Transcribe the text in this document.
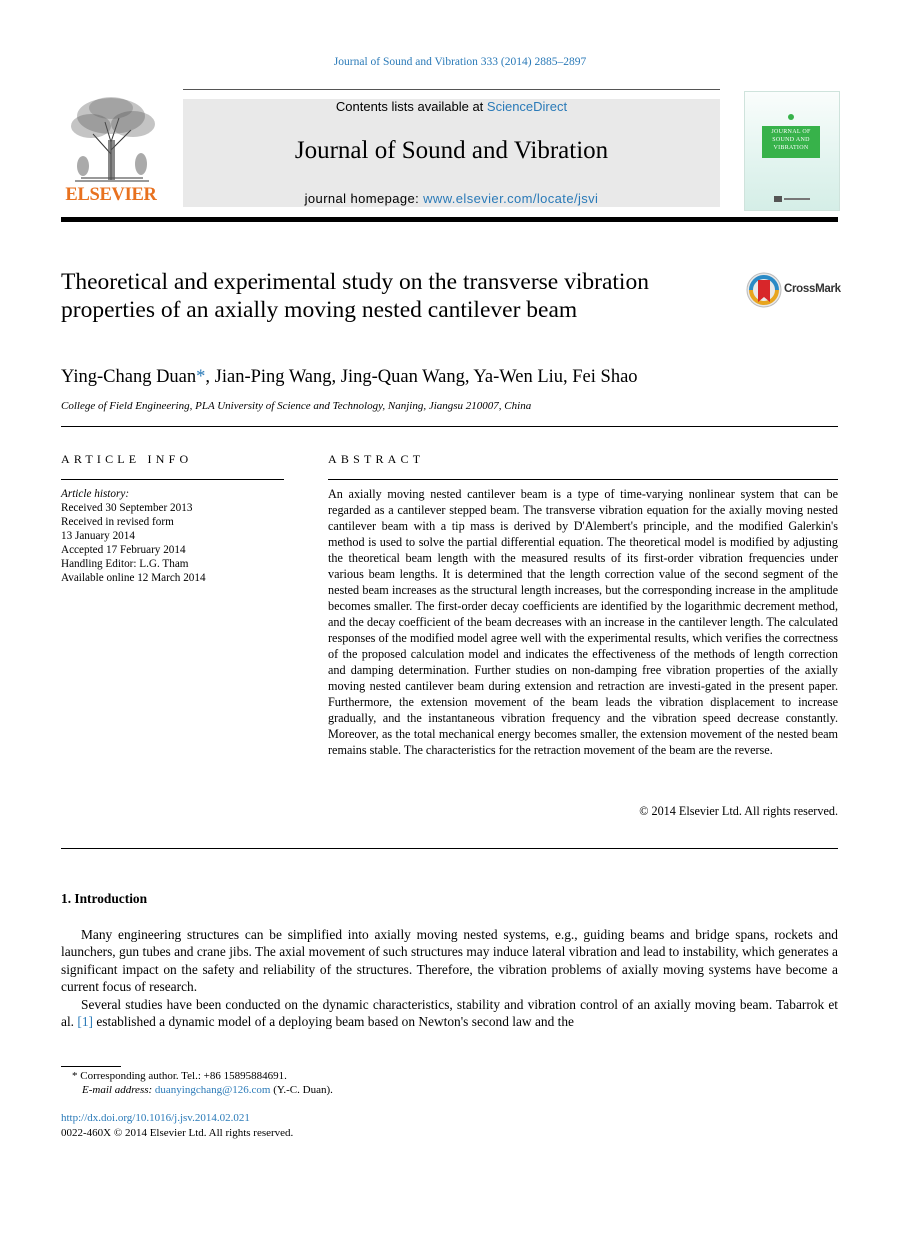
Journal of Sound and Vibration 333 (2014) 2885–2897
ELSEVIER
Contents lists available at ScienceDirect
Journal of Sound and Vibration
journal homepage: www.elsevier.com/locate/jsvi
JOURNAL OF SOUND AND VIBRATION
Theoretical and experimental study on the transverse vibration properties of an axially moving nested cantilever beam
CrossMark
Ying-Chang Duan*, Jian-Ping Wang, Jing-Quan Wang, Ya-Wen Liu, Fei Shao
College of Field Engineering, PLA University of Science and Technology, Nanjing, Jiangsu 210007, China
ARTICLE INFO
Article history:
Received 30 September 2013
Received in revised form
13 January 2014
Accepted 17 February 2014
Handling Editor: L.G. Tham
Available online 12 March 2014
ABSTRACT
An axially moving nested cantilever beam is a type of time-varying nonlinear system that can be regarded as a cantilever stepped beam. The transverse vibration equation for the axially moving nested cantilever beam with a tip mass is derived by D'Alembert's principle, and the modified Galerkin's method is used to solve the partial differential equation. The theoretical model is modified by adjusting the theoretical beam length with the measured results of its first-order vibration frequencies under various beam lengths. It is determined that the length correction value of the second segment of the nested beam increases as the structural length increases, but the corresponding increase in the amplitude becomes smaller. The first-order decay coefficients are identified by the logarithmic decrement method, and the decay coefficient of the beam decreases with an increase in the cantilever length. The calculated responses of the modified model agree well with the experimental results, which verifies the correctness of the proposed calculation model and indicates the effectiveness of the methods of length correction and damping determination. Further studies on non-damping free vibration properties of the axially moving nested cantilever beam during extension and retraction are investi-gated in the present paper. Furthermore, the extension movement of the beam leads the vibration displacement to increase gradually, and the instantaneous vibration frequency and the vibration speed decrease constantly. Moreover, as the total mechanical energy becomes smaller, the extension movement of the nested beam remains stable. The characteristics for the retraction movement of the beam are the reverse.
© 2014 Elsevier Ltd. All rights reserved.
1. Introduction

Many engineering structures can be simplified into axially moving nested systems, e.g., guiding beams and bridge spans, rockets and launchers, gun tubes and crane jibs. The axial movement of such structures may induce lateral vibration and lead to instability, which generates a significant impact on the safety and reliability of the structures. Therefore, the vibration problems of axially moving systems have become a current focus of research.

Several studies have been conducted on the dynamic characteristics, stability and vibration control of an axially moving beam. Tabarrok et al. [1] established a dynamic model of a deploying beam based on Newton's second law and the

* Corresponding author. Tel.: +86 15895884691.
E-mail address: duanyingchang@126.com (Y.-C. Duan).
http://dx.doi.org/10.1016/j.jsv.2014.02.021
0022-460X © 2014 Elsevier Ltd. All rights reserved.
